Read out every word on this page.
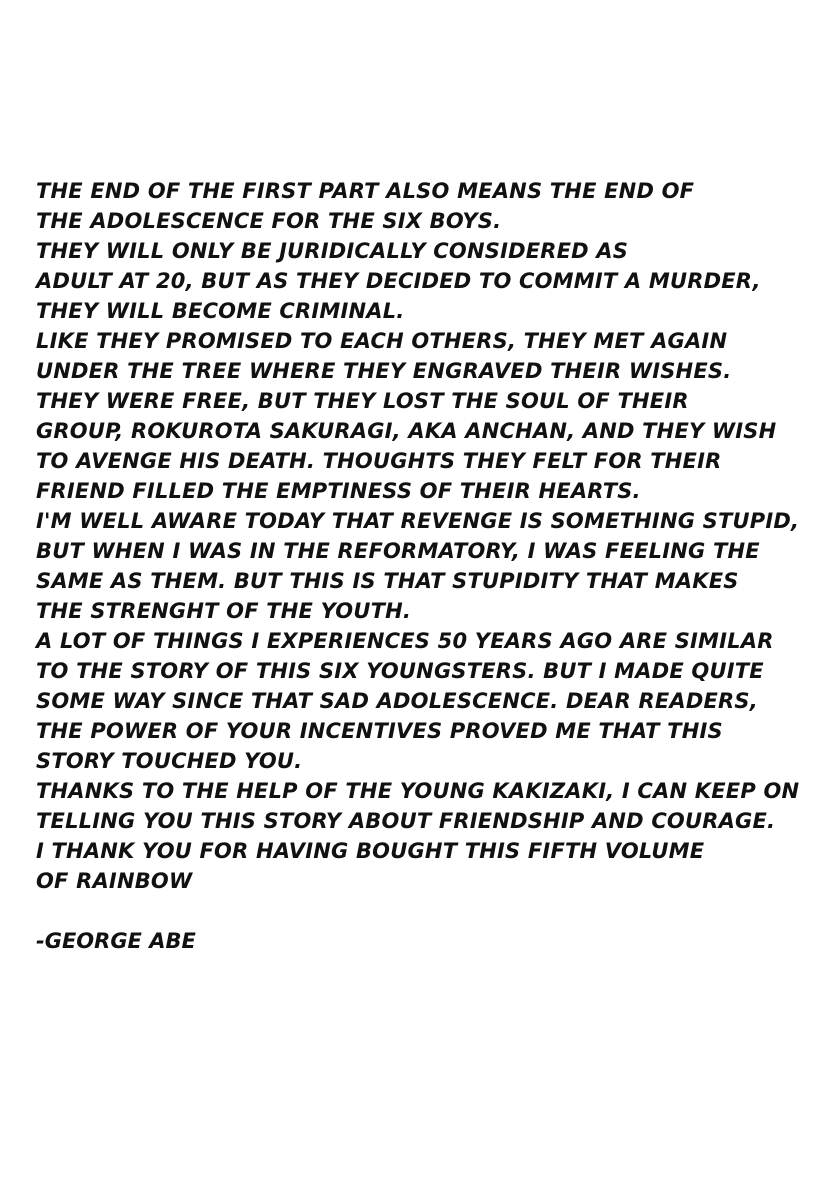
THE END OF THE FIRST PART ALSO MEANS THE END OF
THE ADOLESCENCE FOR THE SIX BOYS.
THEY WILL ONLY BE JURIDICALLY CONSIDERED AS
ADULT AT 20, BUT AS THEY DECIDED TO COMMIT A MURDER,
THEY WILL BECOME CRIMINAL.
LIKE THEY PROMISED TO EACH OTHERS, THEY MET AGAIN
UNDER THE TREE WHERE THEY ENGRAVED THEIR WISHES.
THEY WERE FREE, BUT THEY LOST THE SOUL OF THEIR
GROUP, ROKUROTA SAKURAGI, AKA ANCHAN, AND THEY WISH
TO AVENGE HIS DEATH. THOUGHTS THEY FELT FOR THEIR
FRIEND FILLED THE EMPTINESS OF THEIR HEARTS.
I'M WELL AWARE TODAY THAT REVENGE IS SOMETHING STUPID,
BUT WHEN I WAS IN THE REFORMATORY, I WAS FEELING THE
SAME AS THEM. BUT THIS IS THAT STUPIDITY THAT MAKES
THE STRENGHT OF THE YOUTH.
A LOT OF THINGS I EXPERIENCES 50 YEARS AGO ARE SIMILAR
TO THE STORY OF THIS SIX YOUNGSTERS. BUT I MADE QUITE
SOME WAY SINCE THAT SAD ADOLESCENCE. DEAR READERS,
THE POWER OF YOUR INCENTIVES PROVED ME THAT THIS
STORY TOUCHED YOU.
THANKS TO THE HELP OF THE YOUNG KAKIZAKI, I CAN KEEP ON
TELLING YOU THIS STORY ABOUT FRIENDSHIP AND COURAGE.
I THANK YOU FOR HAVING BOUGHT THIS FIFTH VOLUME
OF RAINBOW
-GEORGE ABE
